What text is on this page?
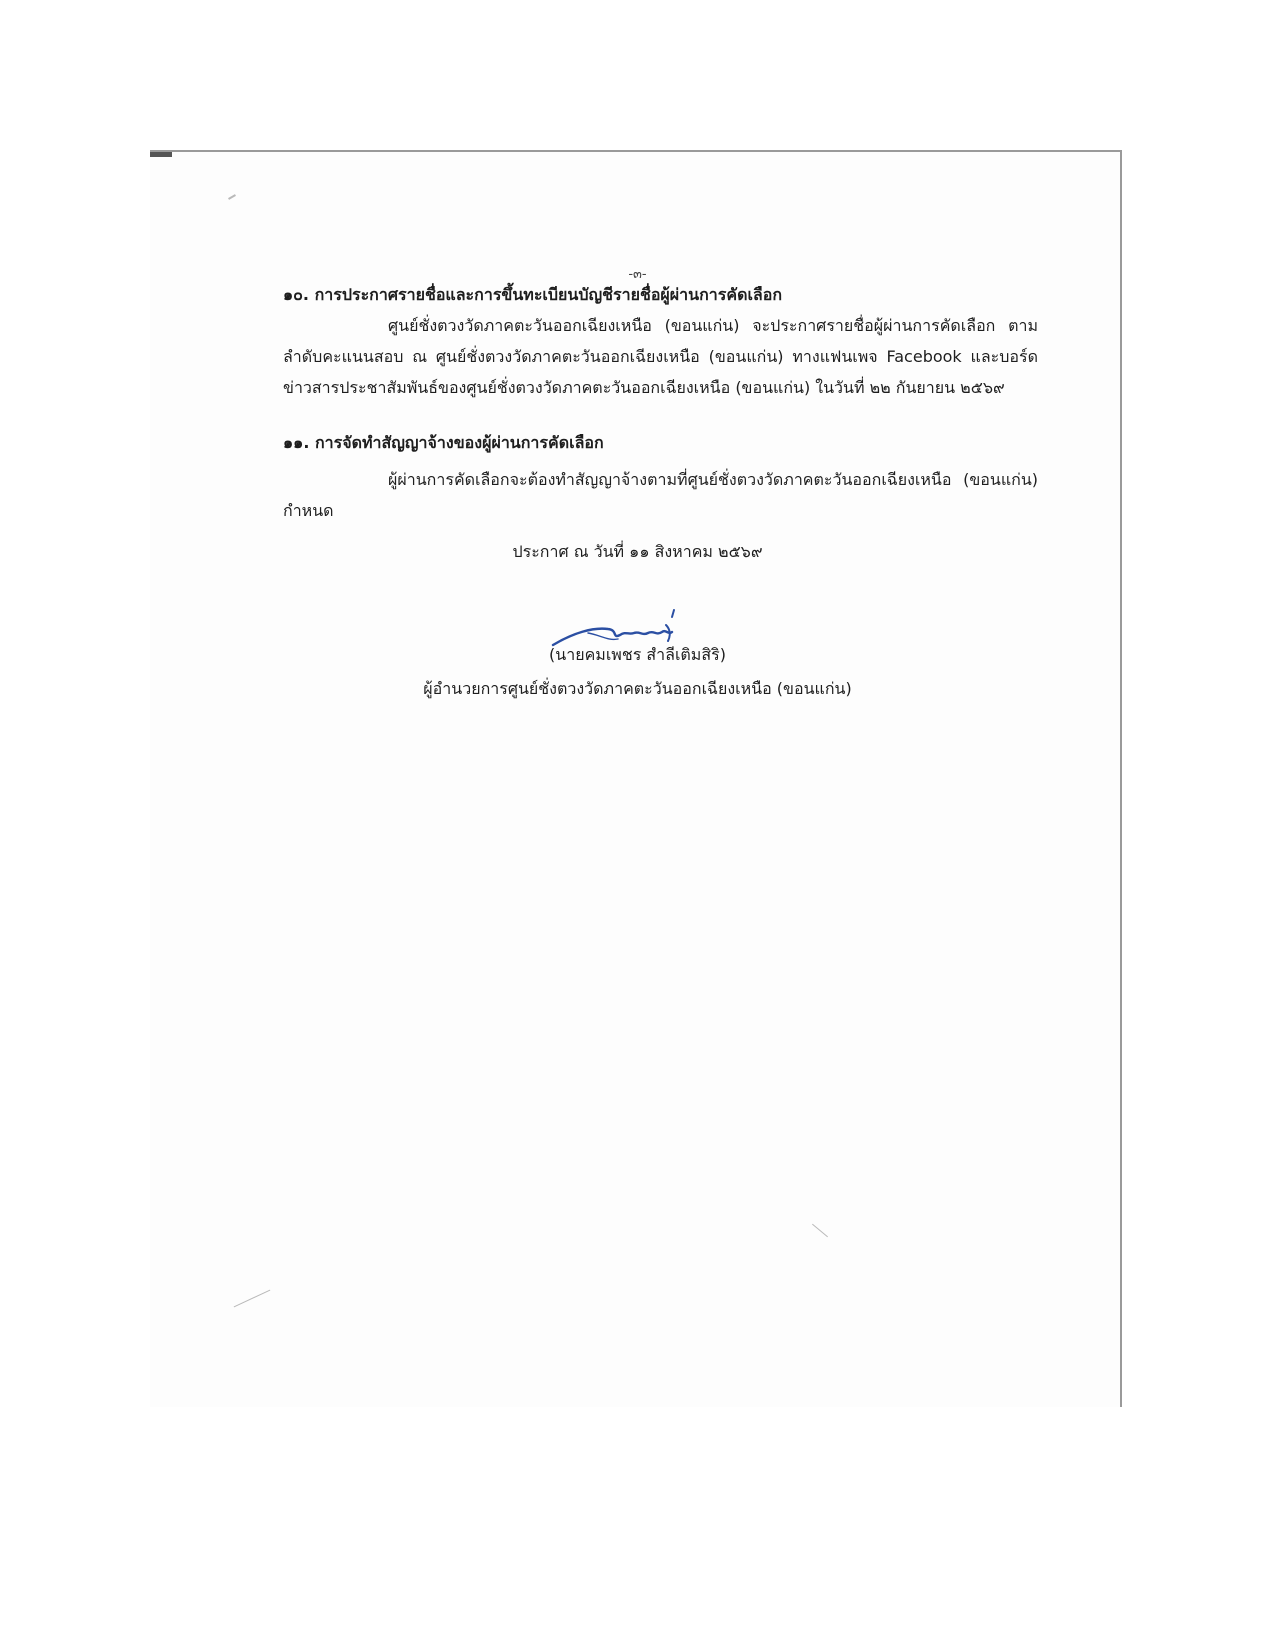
-๓-

๑๐. การประกาศรายชื่อและการขึ้นทะเบียนบัญชีรายชื่อผู้ผ่านการคัดเลือก

ศูนย์ชั่งตวงวัดภาคตะวันออกเฉียงเหนือ (ขอนแก่น) จะประกาศรายชื่อผู้ผ่านการคัดเลือก ตามลำดับคะแนนสอบ ณ ศูนย์ชั่งตวงวัดภาคตะวันออกเฉียงเหนือ (ขอนแก่น) ทางแฟนเพจ Facebook และบอร์ดข่าวสารประชาสัมพันธ์ของศูนย์ชั่งตวงวัดภาคตะวันออกเฉียงเหนือ (ขอนแก่น) ในวันที่ ๒๒ กันยายน ๒๕๖๙

๑๑. การจัดทำสัญญาจ้างของผู้ผ่านการคัดเลือก

ผู้ผ่านการคัดเลือกจะต้องทำสัญญาจ้างตามที่ศูนย์ชั่งตวงวัดภาคตะวันออกเฉียงเหนือ (ขอนแก่น) กำหนด

ประกาศ ณ วันที่ ๑๑ สิงหาคม ๒๕๖๙
(นายคมเพชร สำลีเติมสิริ)
ผู้อำนวยการศูนย์ชั่งตวงวัดภาคตะวันออกเฉียงเหนือ (ขอนแก่น)
